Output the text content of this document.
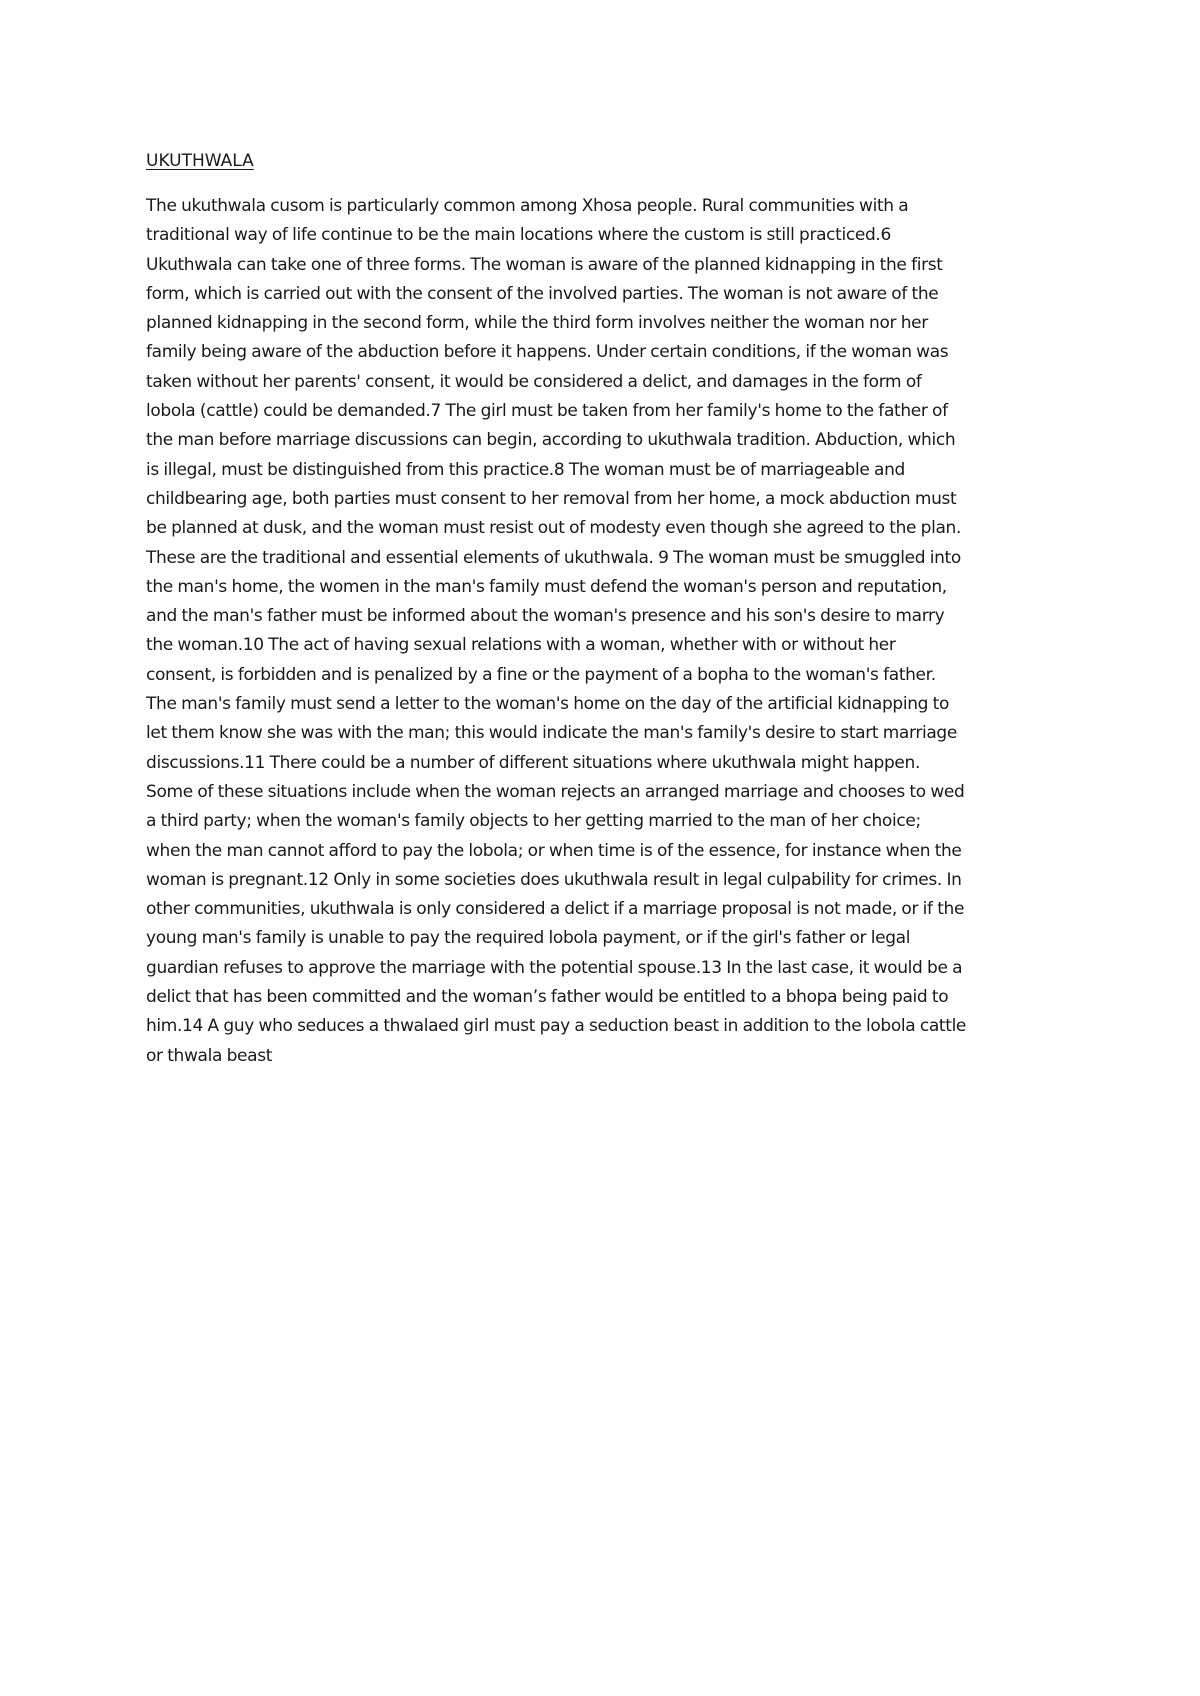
UKUTHWALA

The ukuthwala cusom is particularly common among Xhosa people. Rural communities with a
traditional way of life continue to be the main locations where the custom is still practiced.6
Ukuthwala can take one of three forms. The woman is aware of the planned kidnapping in the first
form, which is carried out with the consent of the involved parties. The woman is not aware of the
planned kidnapping in the second form, while the third form involves neither the woman nor her
family being aware of the abduction before it happens. Under certain conditions, if the woman was
taken without her parents' consent, it would be considered a delict, and damages in the form of
lobola (cattle) could be demanded.7 The girl must be taken from her family's home to the father of
the man before marriage discussions can begin, according to ukuthwala tradition. Abduction, which
is illegal, must be distinguished from this practice.8 The woman must be of marriageable and
childbearing age, both parties must consent to her removal from her home, a mock abduction must
be planned at dusk, and the woman must resist out of modesty even though she agreed to the plan.
These are the traditional and essential elements of ukuthwala. 9 The woman must be smuggled into
the man's home, the women in the man's family must defend the woman's person and reputation,
and the man's father must be informed about the woman's presence and his son's desire to marry
the woman.10 The act of having sexual relations with a woman, whether with or without her
consent, is forbidden and is penalized by a fine or the payment of a bopha to the woman's father.
The man's family must send a letter to the woman's home on the day of the artificial kidnapping to
let them know she was with the man; this would indicate the man's family's desire to start marriage
discussions.11 There could be a number of different situations where ukuthwala might happen.
Some of these situations include when the woman rejects an arranged marriage and chooses to wed
a third party; when the woman's family objects to her getting married to the man of her choice;
when the man cannot afford to pay the lobola; or when time is of the essence, for instance when the
woman is pregnant.12 Only in some societies does ukuthwala result in legal culpability for crimes. In
other communities, ukuthwala is only considered a delict if a marriage proposal is not made, or if the
young man's family is unable to pay the required lobola payment, or if the girl's father or legal
guardian refuses to approve the marriage with the potential spouse.13 In the last case, it would be a
delict that has been committed and the woman’s father would be entitled to a bhopa being paid to
him.14 A guy who seduces a thwalaed girl must pay a seduction beast in addition to the lobola cattle
or thwala beast
